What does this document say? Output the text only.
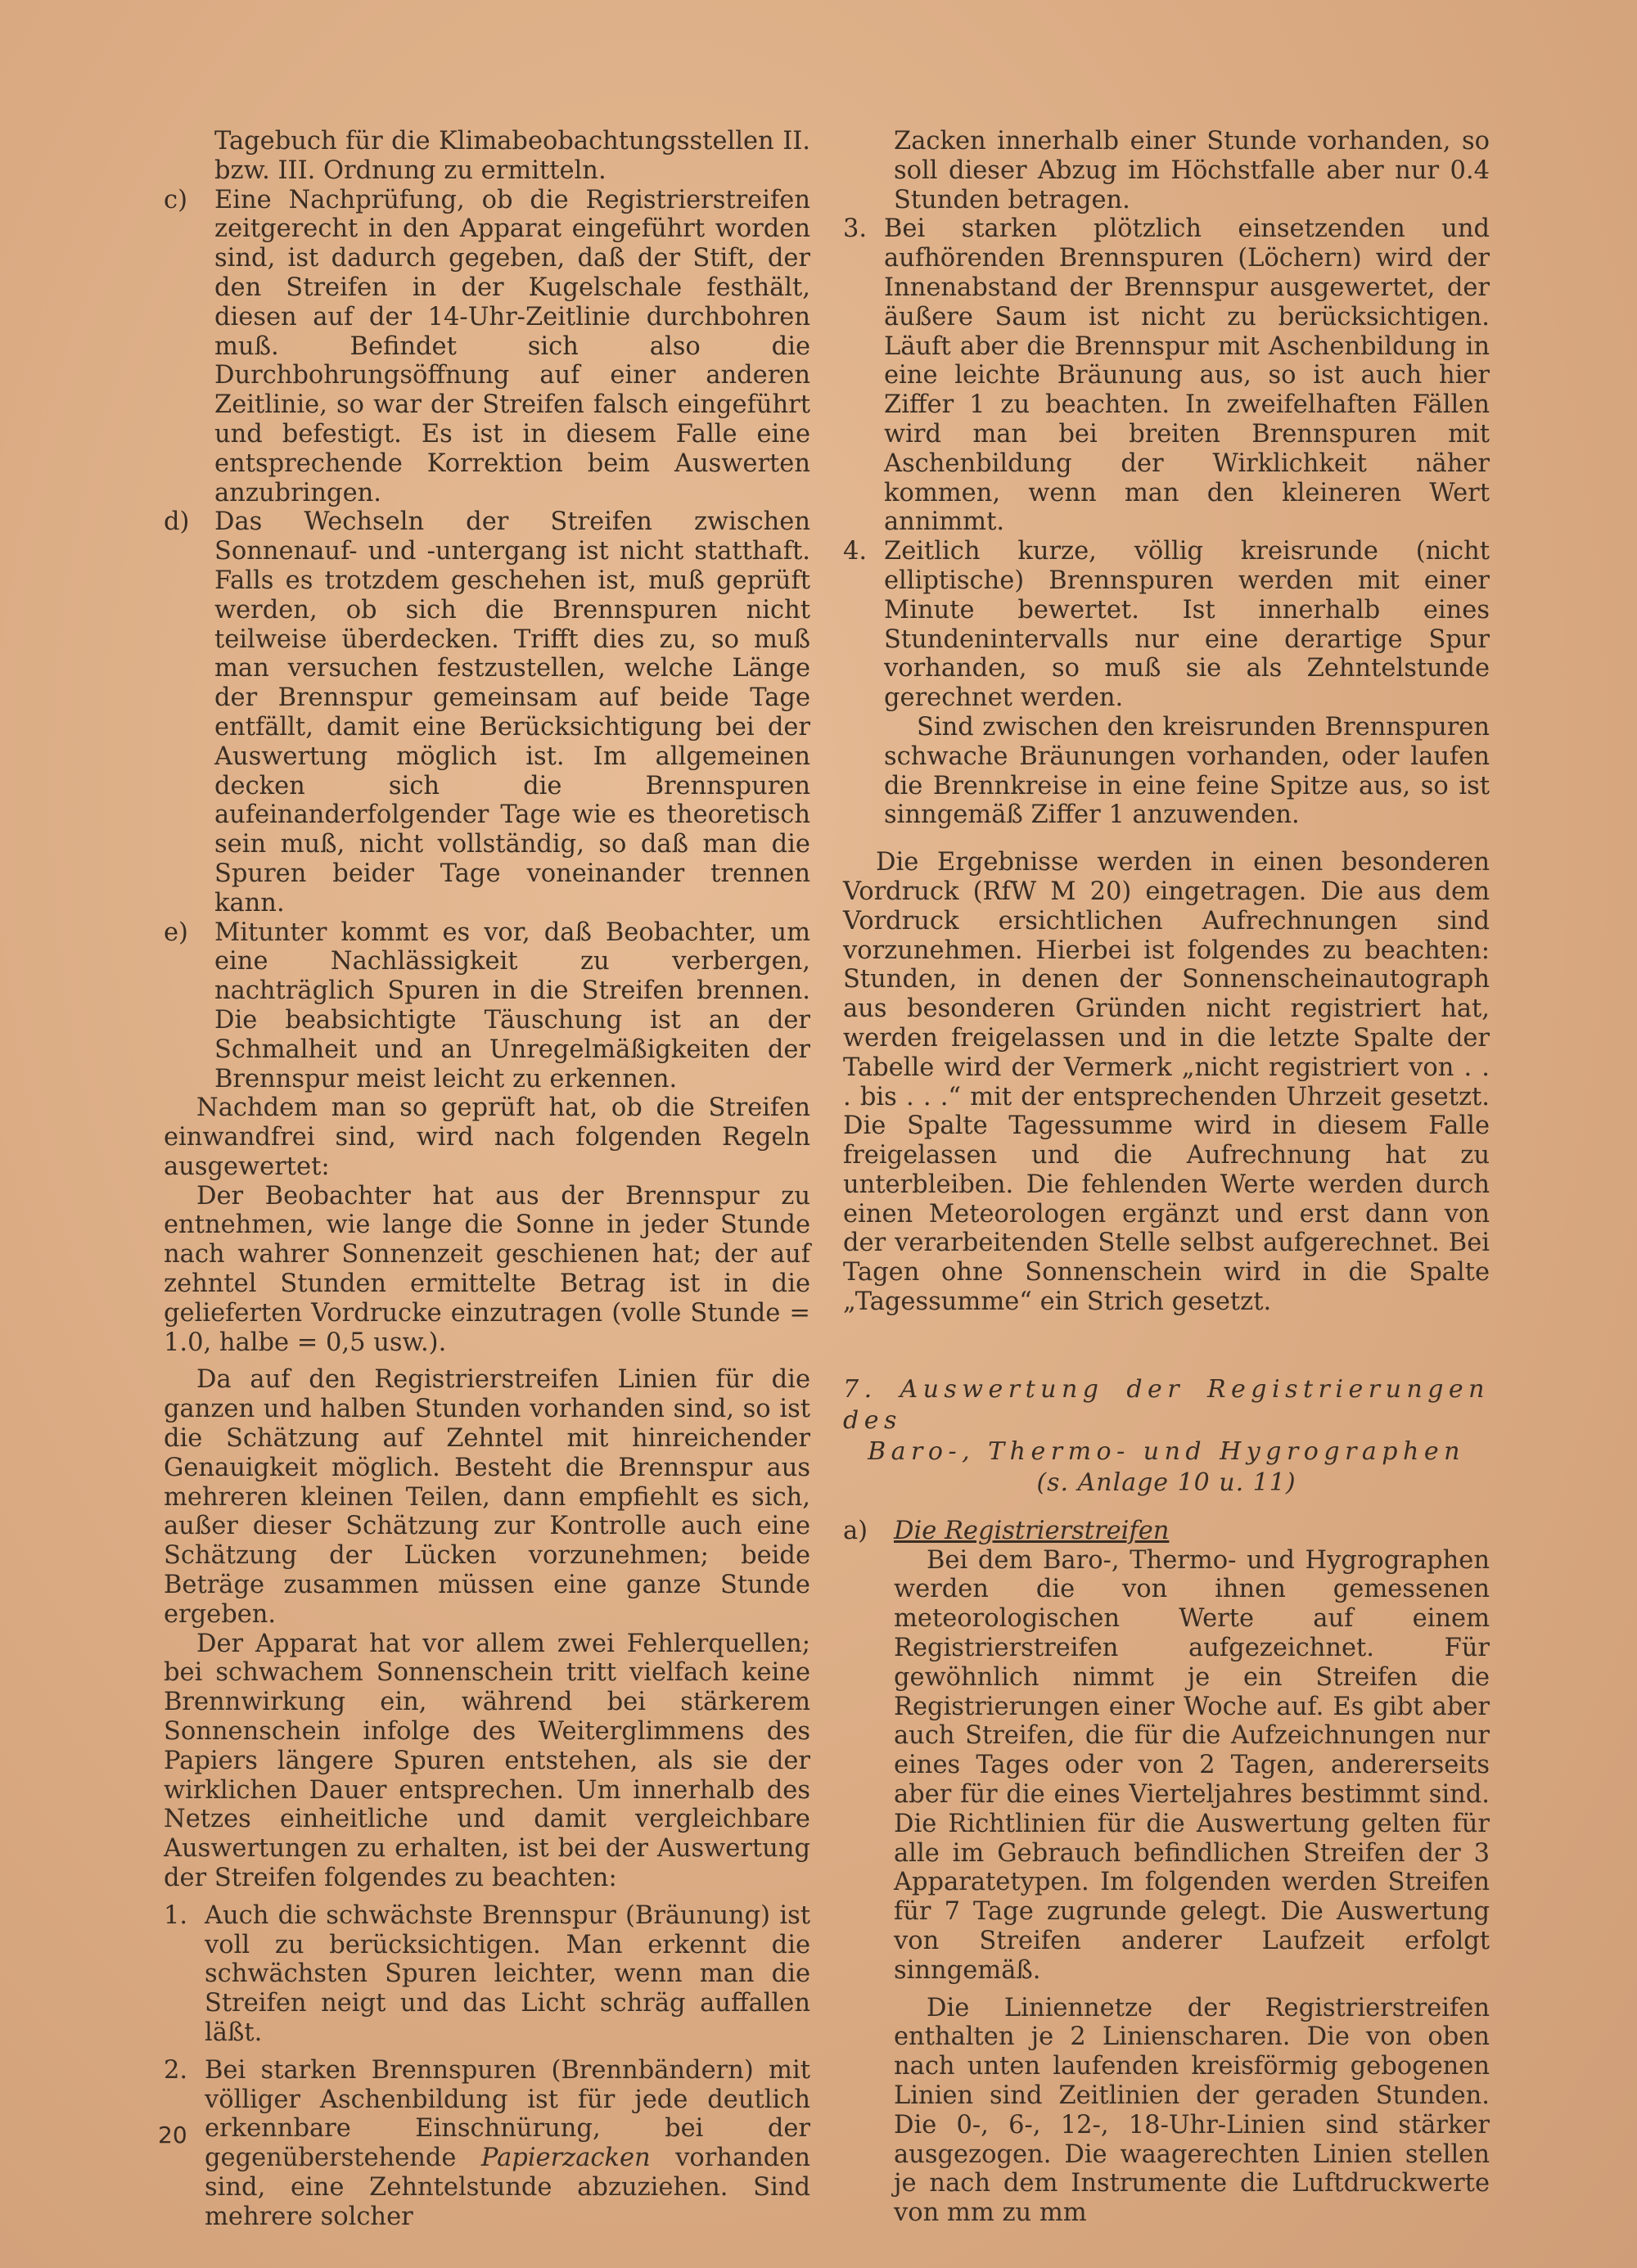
Tagebuch für die Klimabeobachtungsstellen II. bzw. III. Ordnung zu ermitteln.

c) Eine Nachprüfung, ob die Registrierstreifen zeitgerecht in den Apparat eingeführt worden sind, ist dadurch gegeben, daß der Stift, der den Streifen in der Kugelschale festhält, diesen auf der 14-Uhr-Zeitlinie durchbohren muß. Befindet sich also die Durchbohrungsöffnung auf einer anderen Zeitlinie, so war der Streifen falsch eingeführt und befestigt. Es ist in diesem Falle eine entsprechende Korrektion beim Auswerten anzubringen.

d) Das Wechseln der Streifen zwischen Sonnenauf- und -untergang ist nicht statthaft. Falls es trotzdem geschehen ist, muß geprüft werden, ob sich die Brennspuren nicht teilweise überdecken. Trifft dies zu, so muß man versuchen festzustellen, welche Länge der Brennspur gemeinsam auf beide Tage entfällt, damit eine Berücksichtigung bei der Auswertung möglich ist. Im allgemeinen decken sich die Brennspuren aufeinanderfolgender Tage wie es theoretisch sein muß, nicht vollständig, so daß man die Spuren beider Tage voneinander trennen kann.

e) Mitunter kommt es vor, daß Beobachter, um eine Nachlässigkeit zu verbergen, nachträglich Spuren in die Streifen brennen. Die beabsichtigte Täuschung ist an der Schmalheit und an Unregelmäßigkeiten der Brennspur meist leicht zu erkennen.

Nachdem man so geprüft hat, ob die Streifen einwandfrei sind, wird nach folgenden Regeln ausgewertet:

Der Beobachter hat aus der Brennspur zu entnehmen, wie lange die Sonne in jeder Stunde nach wahrer Sonnenzeit geschienen hat; der auf zehntel Stunden ermittelte Betrag ist in die gelieferten Vordrucke einzutragen (volle Stunde = 1.0, halbe = 0,5 usw.).

Da auf den Registrierstreifen Linien für die ganzen und halben Stunden vorhanden sind, so ist die Schätzung auf Zehntel mit hinreichender Genauigkeit möglich. Besteht die Brennspur aus mehreren kleinen Teilen, dann empfiehlt es sich, außer dieser Schätzung zur Kontrolle auch eine Schätzung der Lücken vorzunehmen; beide Beträge zusammen müssen eine ganze Stunde ergeben.

Der Apparat hat vor allem zwei Fehlerquellen; bei schwachem Sonnenschein tritt vielfach keine Brennwirkung ein, während bei stärkerem Sonnenschein infolge des Weiterglimmens des Papiers längere Spuren entstehen, als sie der wirklichen Dauer entsprechen. Um innerhalb des Netzes einheitliche und damit vergleichbare Auswertungen zu erhalten, ist bei der Auswertung der Streifen folgendes zu beachten:

1. Auch die schwächste Brennspur (Bräunung) ist voll zu berücksichtigen. Man erkennt die schwächsten Spuren leichter, wenn man die Streifen neigt und das Licht schräg auffallen läßt.

2. Bei starken Brennspuren (Brennbändern) mit völliger Aschenbildung ist für jede deutlich erkennbare Einschnürung, bei der gegenüberstehende Papierzacken vorhanden sind, eine Zehntelstunde abzuziehen. Sind mehrere solcher

Zacken innerhalb einer Stunde vorhanden, so soll dieser Abzug im Höchstfalle aber nur 0.4 Stunden betragen.

3. Bei starken plötzlich einsetzenden und aufhörenden Brennspuren (Löchern) wird der Innenabstand der Brennspur ausgewertet, der äußere Saum ist nicht zu berücksichtigen. Läuft aber die Brennspur mit Aschenbildung in eine leichte Bräunung aus, so ist auch hier Ziffer 1 zu beachten. In zweifelhaften Fällen wird man bei breiten Brennspuren mit Aschenbildung der Wirklichkeit näher kommen, wenn man den kleineren Wert annimmt.

4. Zeitlich kurze, völlig kreisrunde (nicht elliptische) Brennspuren werden mit einer Minute bewertet. Ist innerhalb eines Stundenintervalls nur eine derartige Spur vorhanden, so muß sie als Zehntelstunde gerechnet werden.

Sind zwischen den kreisrunden Brennspuren schwache Bräunungen vorhanden, oder laufen die Brennkreise in eine feine Spitze aus, so ist sinngemäß Ziffer 1 anzuwenden.

Die Ergebnisse werden in einen besonderen Vordruck (RfW M 20) eingetragen. Die aus dem Vordruck ersichtlichen Aufrechnungen sind vorzunehmen. Hierbei ist folgendes zu beachten: Stunden, in denen der Sonnenscheinautograph aus besonderen Gründen nicht registriert hat, werden freigelassen und in die letzte Spalte der Tabelle wird der Vermerk „nicht registriert von . . . bis . . .“ mit der entsprechenden Uhrzeit gesetzt. Die Spalte Tagessumme wird in diesem Falle freigelassen und die Aufrechnung hat zu unterbleiben. Die fehlenden Werte werden durch einen Meteorologen ergänzt und erst dann von der verarbeitenden Stelle selbst aufgerechnet. Bei Tagen ohne Sonnenschein wird in die Spalte „Tagessumme“ ein Strich gesetzt.

7. Auswertung der Registrierungen des

Baro-, Thermo- und Hygrographen

(s. Anlage 10 u. 11)

a) Die Registrierstreifen

Bei dem Baro-, Thermo- und Hygrographen werden die von ihnen gemessenen meteorologischen Werte auf einem Registrierstreifen aufgezeichnet. Für gewöhnlich nimmt je ein Streifen die Registrierungen einer Woche auf. Es gibt aber auch Streifen, die für die Aufzeichnungen nur eines Tages oder von 2 Tagen, andererseits aber für die eines Vierteljahres bestimmt sind. Die Richtlinien für die Auswertung gelten für alle im Gebrauch befindlichen Streifen der 3 Apparatetypen. Im folgenden werden Streifen für 7 Tage zugrunde gelegt. Die Auswertung von Streifen anderer Laufzeit erfolgt sinngemäß.

Die Liniennetze der Registrierstreifen enthalten je 2 Linienscharen. Die von oben nach unten laufenden kreisförmig gebogenen Linien sind Zeitlinien der geraden Stunden. Die 0-, 6-, 12-, 18-Uhr-Linien sind stärker ausgezogen. Die waagerechten Linien stellen je nach dem Instrumente die Luftdruckwerte von mm zu mm

20
